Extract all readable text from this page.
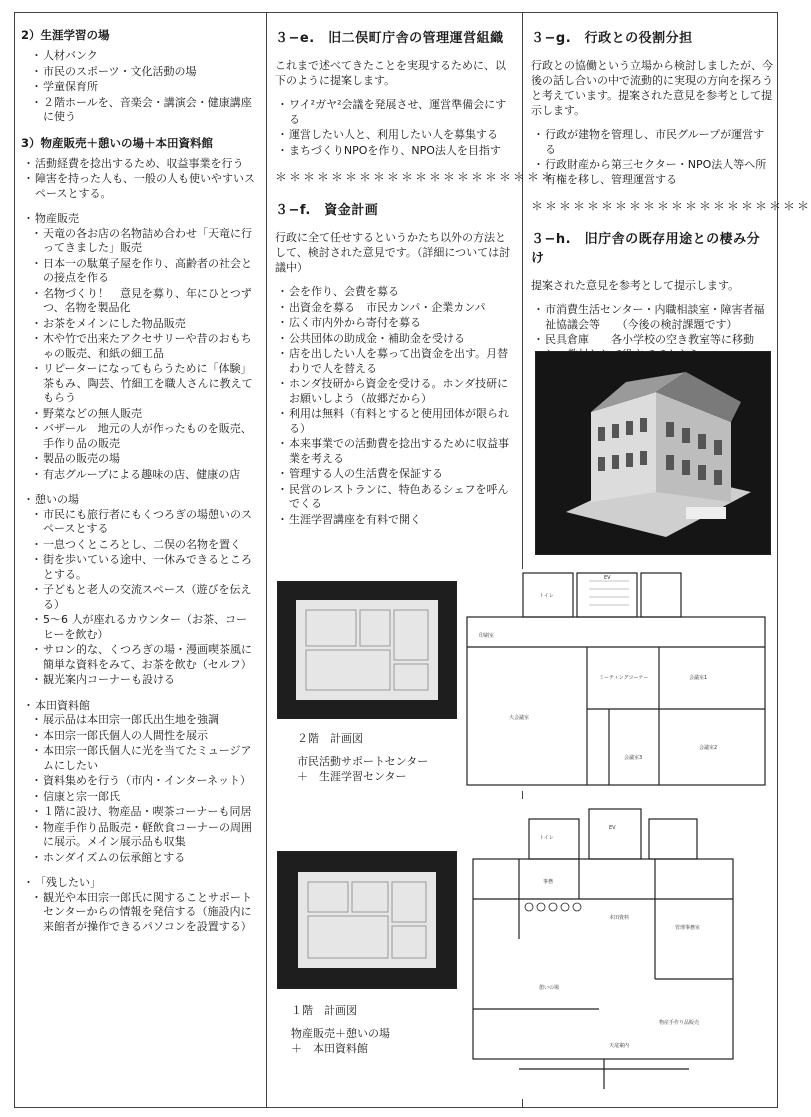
2）生涯学習の場
・ 人材バンク
・ 市民のスポーツ・文化活動の場
・ 学童保育所
・ ２階ホールを、音楽会・講演会・健康講座に使う
3）物産販売＋憩いの場＋本田資料館
・ 活動経費を捻出するため、収益事業を行う
・ 障害を持った人も、一般の人も使いやすいスペースとする。
・ 物産販売
・ 天竜の各お店の名物詰め合わせ「天竜に行ってきました」販売
・ 日本一の駄菓子屋を作り、高齢者の社会との接点を作る
・ 名物づくり！　意見を募り、年にひとつずつ、名物を製品化
・ お茶をメインにした物品販売
・ 木や竹で出来たアクセサリーや昔のおもちゃの販売、和紙の細工品
・ リピーターになってもらうために「体験」茶もみ、陶芸、竹細工を職人さんに教えてもらう
・ 野菜などの無人販売
・ バザール　地元の人が作ったものを販売、手作り品の販売
・ 製品の販売の場
・ 有志グループによる趣味の店、健康の店
・ 憩いの場
・ 市民にも旅行者にもくつろぎの場憩いのスペースとする
・ 一息つくところとし、二俣の名物を置く
・ 街を歩いている途中、一休みできるところとする。
・ 子どもと老人の交流スペース（遊びを伝える）
・ 5〜6 人が座れるカウンター（お茶、コーヒーを飲む）
・ サロン的な、くつろぎの場・漫画喫茶風に簡単な資料をみて、お茶を飲む（セルフ）
・ 観光案内コーナーも設ける
・ 本田資料館
・ 展示品は本田宗一郎氏出生地を強調
・ 本田宗一郎氏個人の人間性を展示
・ 本田宗一郎氏個人に光を当てたミュージアムにしたい
・ 資料集めを行う（市内・インターネット）
・ 信康と宗一郎氏
・ １階に設け、物産品・喫茶コーナーも同居
・ 物産手作り品販売・軽飲食コーナーの周囲に展示。メイン展示品も収集
・ ホンダイズムの伝承館とする
・ 「残したい」
・ 観光や本田宗一郎氏に関することサポートセンターからの情報を発信する（施設内に来館者が操作できるパソコンを設置する）
３−e.　旧二俣町庁舎の管理運営組織
これまで述べてきたことを実現するために、以下のように提案します。
・ ワイ²ガヤ²会議を発展させ、運営準備会にする
・ 運営したい人と、利用したい人を募集する
・ まちづくりNPOを作り、NPO法人を目指す
＊＊＊＊＊＊＊＊＊＊＊＊＊＊＊＊＊＊＊＊
３−f.　資金計画
行政に全て任せするというかたち以外の方法として、検討された意見です。（詳細については討議中）
・ 会を作り、会費を募る
・ 出資金を募る　市民カンパ・企業カンパ
・ 広く市内外から寄付を募る
・ 公共団体の助成金・補助金を受ける
・ 店を出したい人を募って出資金を出す。月替わりで人を替える
・ ホンダ技研から資金を受ける。ホンダ技研にお願いしよう（故郷だから）
・ 利用は無料（有料とすると使用団体が限られる）
・ 本来事業での活動費を捻出するために収益事業を考える
・ 管理する人の生活費を保証する
・ 民営のレストランに、特色あるシェフを呼んでくる
・ 生涯学習講座を有料で開く
３−g.　行政との役割分担
行政との協働という立場から検討しましたが、今後の話し合いの中で流動的に実現の方向を探ろうと考えています。提案された意見を参考として提示します。
・ 行政が建物を管理し、市民グループが運営する
・ 行政財産から第三セクター・NPO法人等へ所有権を移し、管理運営する
＊＊＊＊＊＊＊＊＊＊＊＊＊＊＊＊＊＊＊＊
３−h.　旧庁舎の既存用途との棲み分け
提案された意見を参考として提示します。
・ 市消費生活センター・内職相談室・障害者福祉協議会等　　（今後の検討課題です）
・ 民具倉庫　　各小学校の空き教室等に移動
２階　計画図
市民活動サポートセンター
＋　生涯学習センター
１階　計画図
物産販売＋憩いの場
＋　本田資料館
印刷室
大会議室
ミーティングコーナー	会議室1
会議室2
会議室3
EV
トイレ
事務
憩いの場
管理事務室
物産手作り品販売
本田資料
天竜案内
EV
トイレ
